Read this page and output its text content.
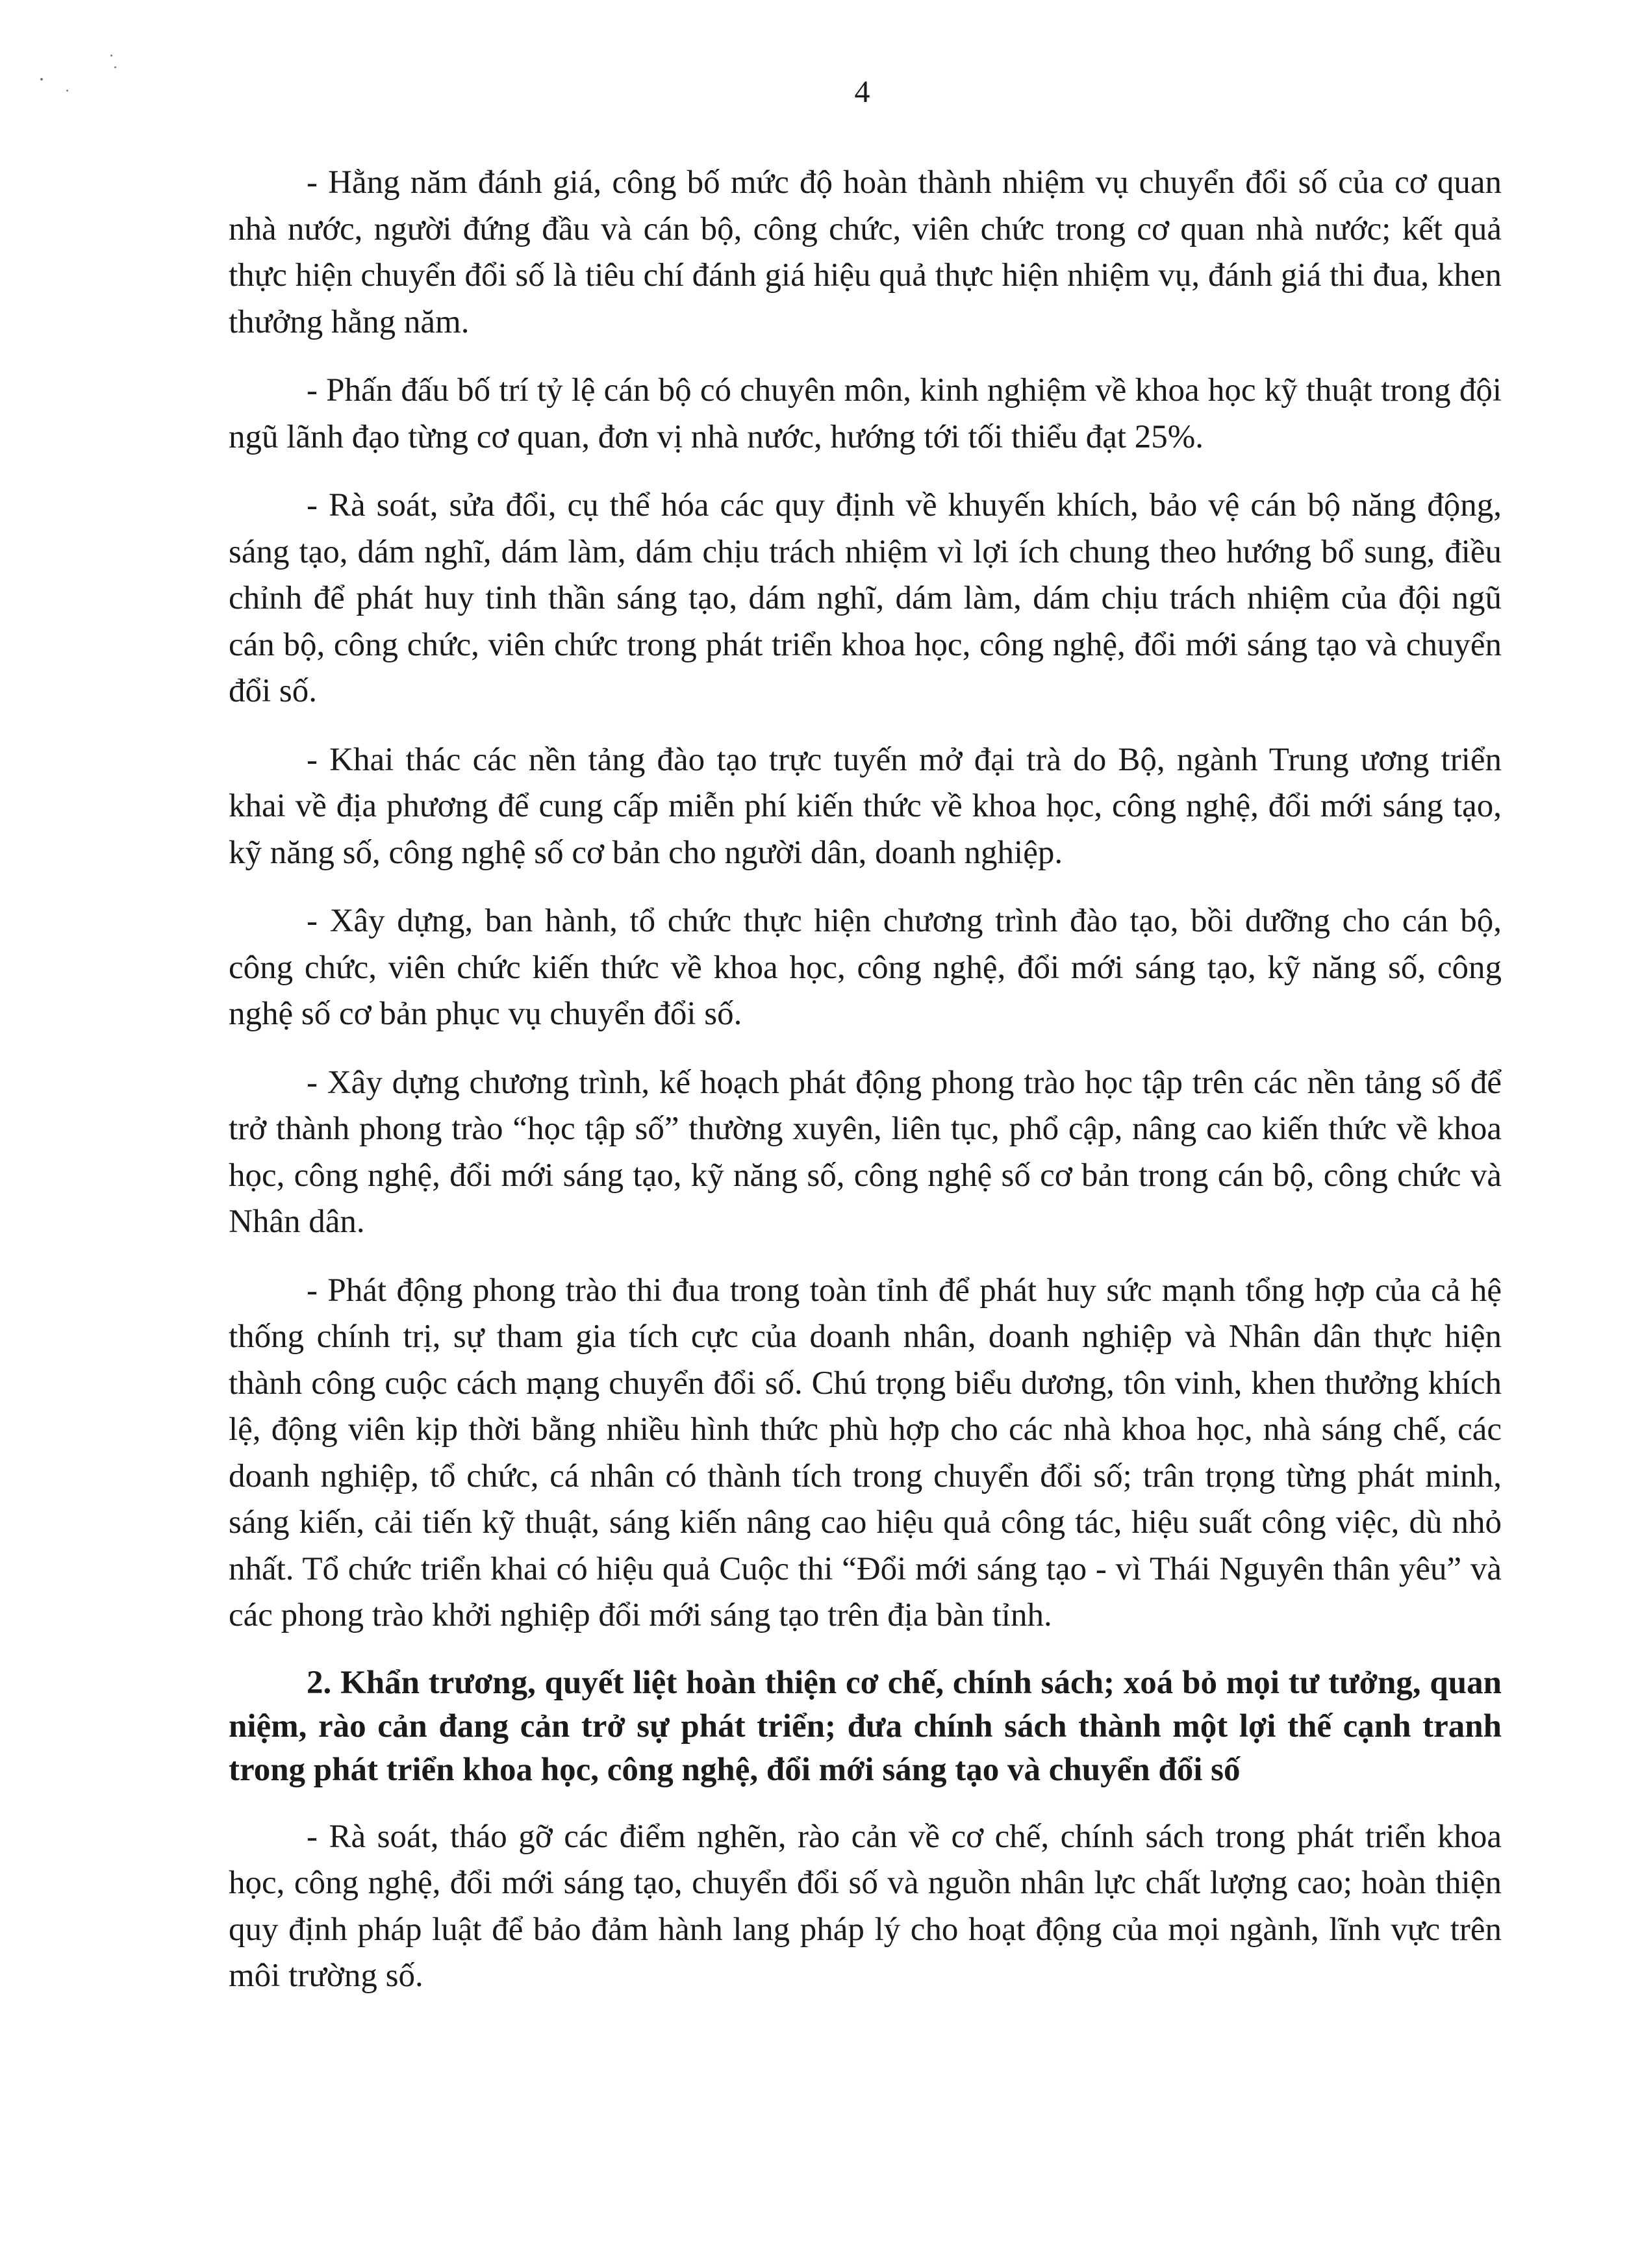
4

- Hằng năm đánh giá, công bố mức độ hoàn thành nhiệm vụ chuyển đổi số của cơ quan nhà nước, người đứng đầu và cán bộ, công chức, viên chức trong cơ quan nhà nước; kết quả thực hiện chuyển đổi số là tiêu chí đánh giá hiệu quả thực hiện nhiệm vụ, đánh giá thi đua, khen thưởng hằng năm.

- Phấn đấu bố trí tỷ lệ cán bộ có chuyên môn, kinh nghiệm về khoa học kỹ thuật trong đội ngũ lãnh đạo từng cơ quan, đơn vị nhà nước, hướng tới tối thiểu đạt 25%.

- Rà soát, sửa đổi, cụ thể hóa các quy định về khuyến khích, bảo vệ cán bộ năng động, sáng tạo, dám nghĩ, dám làm, dám chịu trách nhiệm vì lợi ích chung theo hướng bổ sung, điều chỉnh để phát huy tinh thần sáng tạo, dám nghĩ, dám làm, dám chịu trách nhiệm của đội ngũ cán bộ, công chức, viên chức trong phát triển khoa học, công nghệ, đổi mới sáng tạo và chuyển đổi số.

- Khai thác các nền tảng đào tạo trực tuyến mở đại trà do Bộ, ngành Trung ương triển khai về địa phương để cung cấp miễn phí kiến thức về khoa học, công nghệ, đổi mới sáng tạo, kỹ năng số, công nghệ số cơ bản cho người dân, doanh nghiệp.

- Xây dựng, ban hành, tổ chức thực hiện chương trình đào tạo, bồi dưỡng cho cán bộ, công chức, viên chức kiến thức về khoa học, công nghệ, đổi mới sáng tạo, kỹ năng số, công nghệ số cơ bản phục vụ chuyển đổi số.

- Xây dựng chương trình, kế hoạch phát động phong trào học tập trên các nền tảng số để trở thành phong trào “học tập số” thường xuyên, liên tục, phổ cập, nâng cao kiến thức về khoa học, công nghệ, đổi mới sáng tạo, kỹ năng số, công nghệ số cơ bản trong cán bộ, công chức và Nhân dân.

- Phát động phong trào thi đua trong toàn tỉnh để phát huy sức mạnh tổng hợp của cả hệ thống chính trị, sự tham gia tích cực của doanh nhân, doanh nghiệp và Nhân dân thực hiện thành công cuộc cách mạng chuyển đổi số. Chú trọng biểu dương, tôn vinh, khen thưởng khích lệ, động viên kịp thời bằng nhiều hình thức phù hợp cho các nhà khoa học, nhà sáng chế, các doanh nghiệp, tổ chức, cá nhân có thành tích trong chuyển đổi số; trân trọng từng phát minh, sáng kiến, cải tiến kỹ thuật, sáng kiến nâng cao hiệu quả công tác, hiệu suất công việc, dù nhỏ nhất. Tổ chức triển khai có hiệu quả Cuộc thi “Đổi mới sáng tạo - vì Thái Nguyên thân yêu” và các phong trào khởi nghiệp đổi mới sáng tạo trên địa bàn tỉnh.

2. Khẩn trương, quyết liệt hoàn thiện cơ chế, chính sách; xoá bỏ mọi tư tưởng, quan niệm, rào cản đang cản trở sự phát triển; đưa chính sách thành một lợi thế cạnh tranh trong phát triển khoa học, công nghệ, đổi mới sáng tạo và chuyển đổi số

- Rà soát, tháo gỡ các điểm nghẽn, rào cản về cơ chế, chính sách trong phát triển khoa học, công nghệ, đổi mới sáng tạo, chuyển đổi số và nguồn nhân lực chất lượng cao; hoàn thiện quy định pháp luật để bảo đảm hành lang pháp lý cho hoạt động của mọi ngành, lĩnh vực trên môi trường số.
